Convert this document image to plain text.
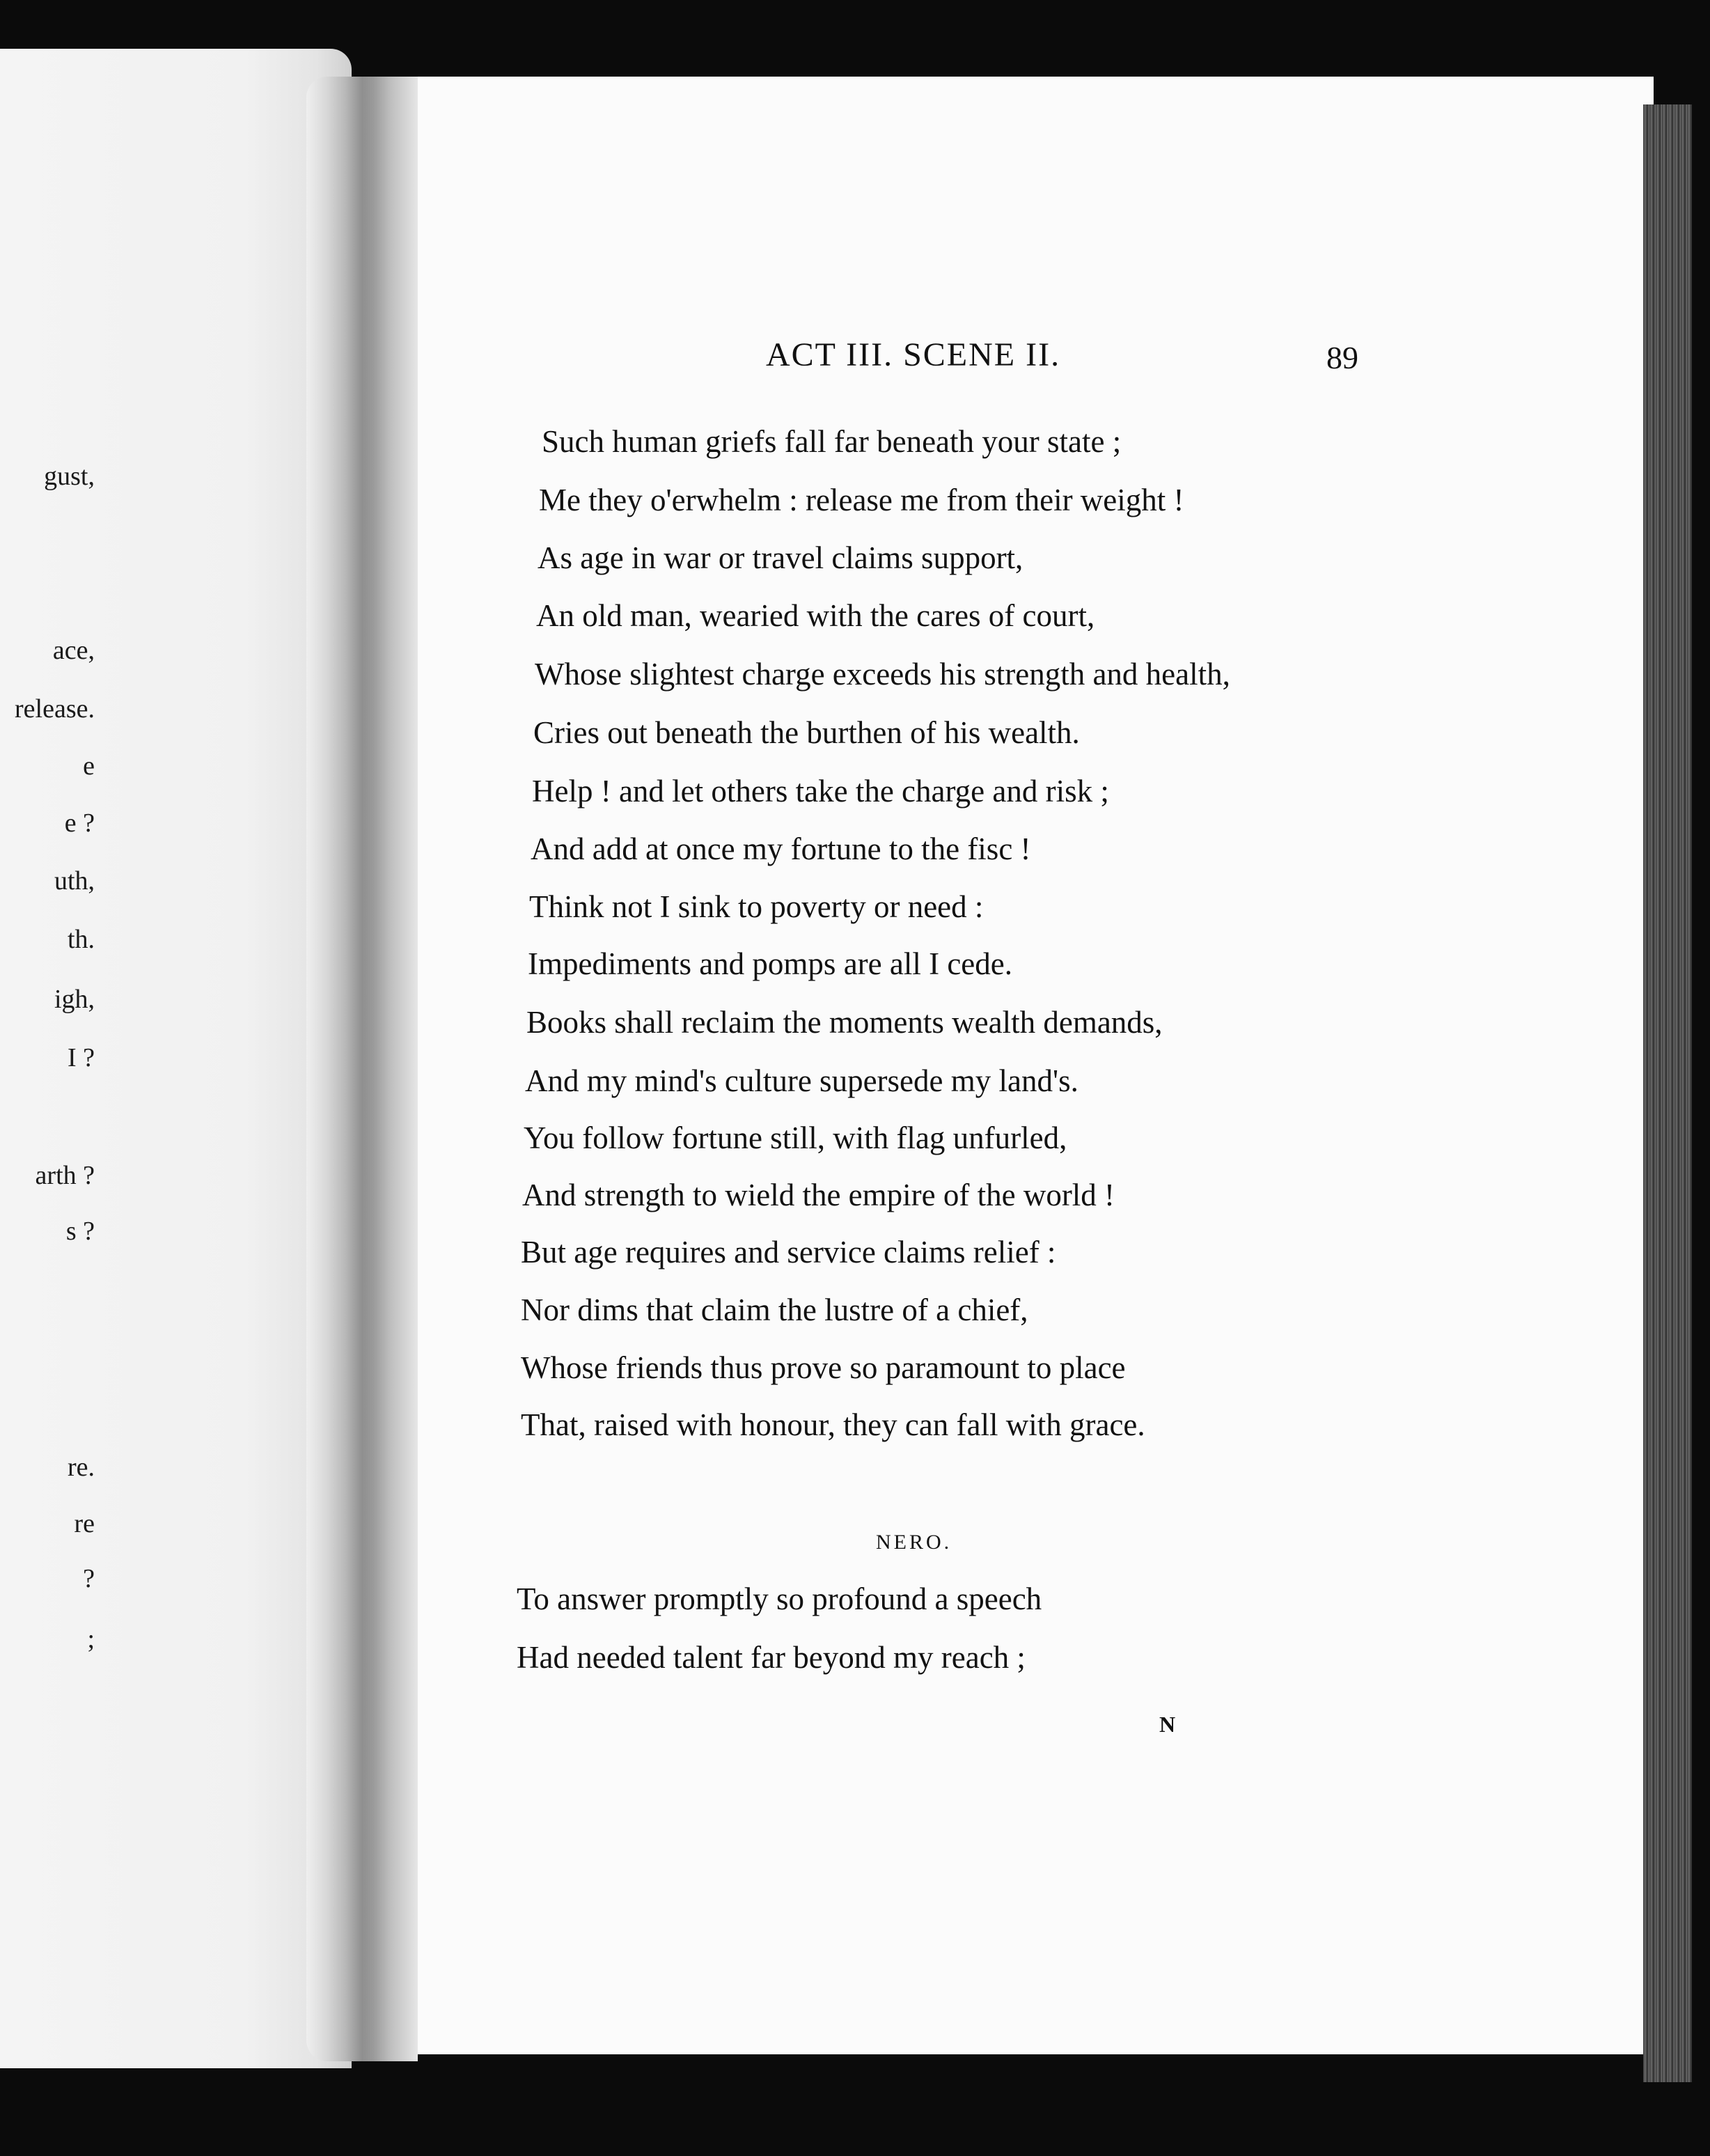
gust,
ace,
release.
e
e ?
uth,
th.
igh,
I ?
arth ?
s ?
re.
re
?
;
ACT III. SCENE II.	89
Such human griefs fall far beneath your state ;
Me they o'erwhelm : release me from their weight !
As age in war or travel claims support,
An old man, wearied with the cares of court,
Whose slightest charge exceeds his strength and health,
Cries out beneath the burthen of his wealth.
Help ! and let others take the charge and risk ;
And add at once my fortune to the fisc !
Think not I sink to poverty or need :
Impediments and pomps are all I cede.
Books shall reclaim the moments wealth demands,
And my mind's culture supersede my land's.
You follow fortune still, with flag unfurled,
And strength to wield the empire of the world !
But age requires and service claims relief :
Nor dims that claim the lustre of a chief,
Whose friends thus prove so paramount to place
That, raised with honour, they can fall with grace.
NERO.
To answer promptly so profound a speech
Had needed talent far beyond my reach ;
N
